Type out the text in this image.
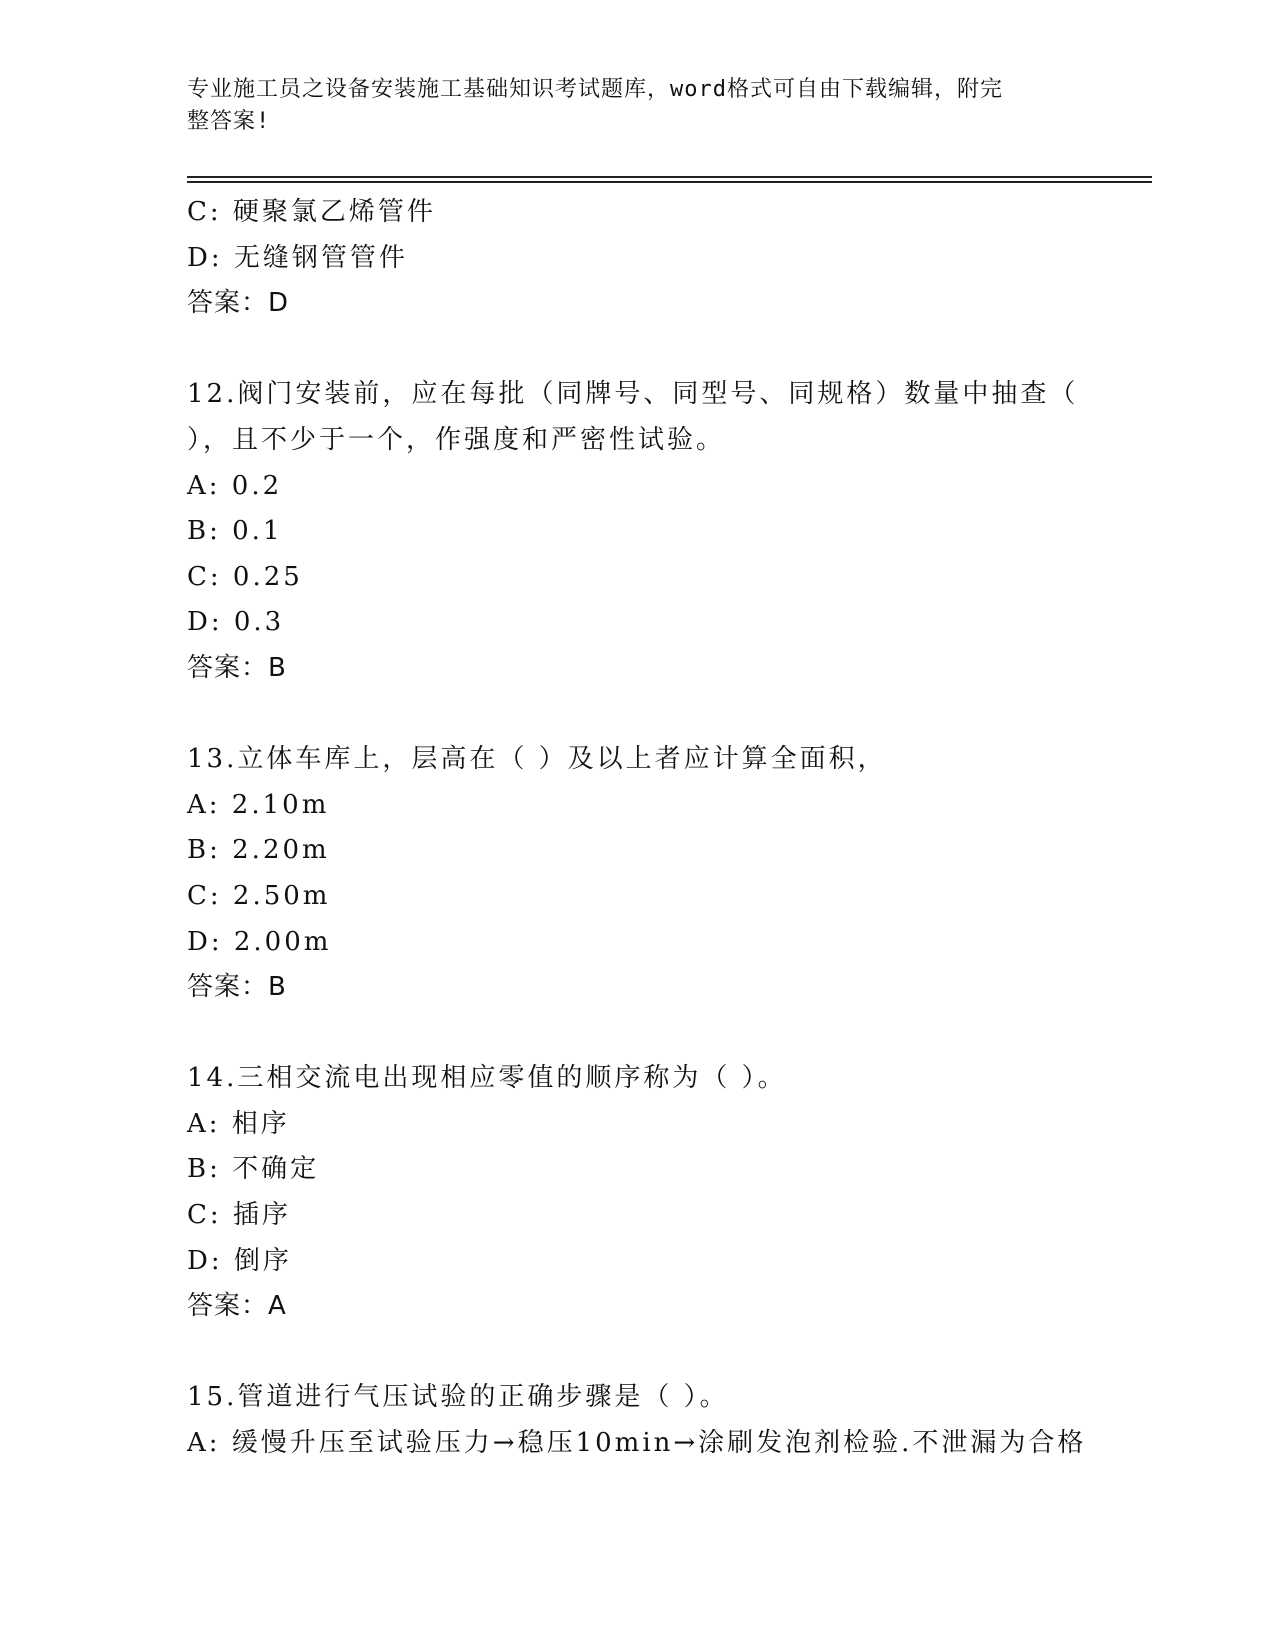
专业施工员之设备安装施工基础知识考试题库，word格式可自由下载编辑，附完
整答案!
C: 硬聚氯乙烯管件
D: 无缝钢管管件
答案：D
12.阀门安装前，应在每批（同牌号、同型号、同规格）数量中抽查（
），且不少于一个，作强度和严密性试验。
A: 0.2
B: 0.1
C: 0.25
D: 0.3
答案：B
13.立体车库上，层高在（ ）及以上者应计算全面积，
A: 2.10m
B: 2.20m
C: 2.50m
D: 2.00m
答案：B
14.三相交流电出现相应零值的顺序称为（ ）。
A: 相序
B: 不确定
C: 插序
D: 倒序
答案：A
15.管道进行气压试验的正确步骤是（ ）。
A: 缓慢升压至试验压力→稳压10min→涂刷发泡剂检验.不泄漏为合格
